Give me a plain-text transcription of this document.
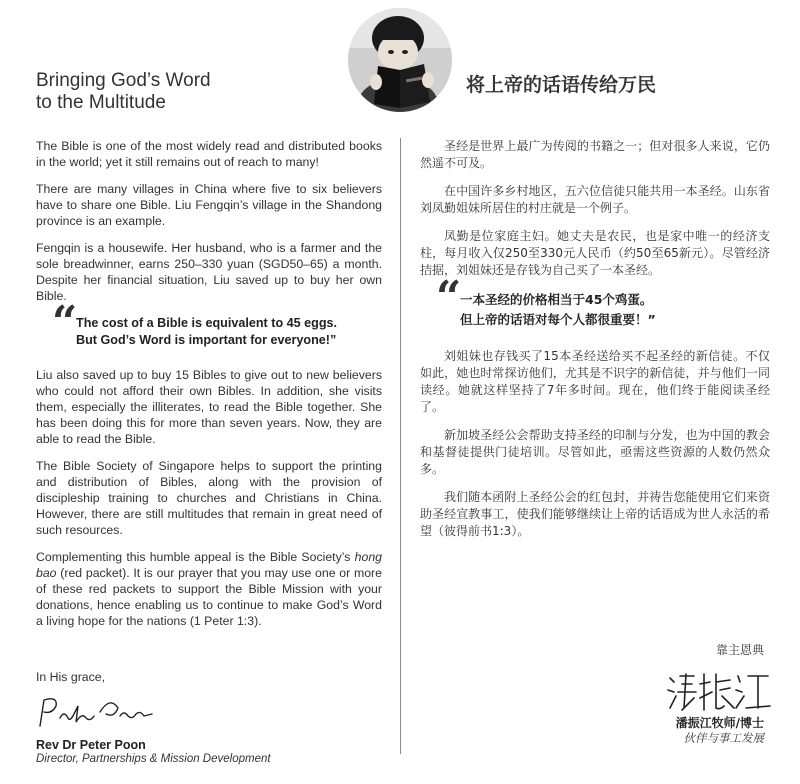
Bringing God’s Word
to the Multitude
将上帝的话语传给万民

The Bible is one of the most widely read and distributed books in the world; yet it still remains out of reach to many!

There are many villages in China where five to six believers have to share one Bible. Liu Fengqin’s village in the Shandong province is an example.

Fengqin is a housewife. Her husband, who is a farmer and the sole breadwinner, earns 250–330 yuan (SGD50–65) a month. Despite her financial situation, Liu saved up to buy her own Bible.

“
The cost of a Bible is equivalent to 45 eggs.
But God’s Word is important for everyone!”

Liu also saved up to buy 15 Bibles to give out to new believers who could not afford their own Bibles. In addition, she visits them, especially the illiterates, to read the Bible together. She has been doing this for more than seven years. Now, they are able to read the Bible.

The Bible Society of Singapore helps to support the printing and distribution of Bibles, along with the provision of discipleship training to churches and Christians in China. However, there are still multitudes that remain in great need of such resources.

Complementing this humble appeal is the Bible Society’s hong bao (red packet). It is our prayer that you may use one or more of these red packets to support the Bible Mission with your donations, hence enabling us to continue to make God’s Word a living hope for the nations (1 Peter 1:3).

In His grace,
Rev Dr Peter Poon
Director, Partnerships & Mission Development

圣经是世界上最广为传阅的书籍之一；但对很多人来说，它仍然遥不可及。

在中国许多乡村地区，五六位信徒只能共用一本圣经。山东省刘凤勤姐妹所居住的村庄就是一个例子。

凤勤是位家庭主妇。她丈夫是农民，也是家中唯一的经济支柱，每月收入仅250至330元人民币（约50至65新元）。尽管经济拮据，刘姐妹还是存钱为自己买了一本圣经。

“
一本圣经的价格相当于45个鸡蛋。
但上帝的话语对每个人都很重要！”

刘姐妹也存钱买了15本圣经送给买不起圣经的新信徒。不仅如此，她也时常探访他们，尤其是不识字的新信徒，并与他们一同读经。她就这样坚持了7年多时间。现在，他们终于能阅读圣经了。

新加坡圣经公会帮助支持圣经的印制与分发，也为中国的教会和基督徒提供门徒培训。尽管如此，亟需这些资源的人数仍然众多。

我们随本函附上圣经公会的红包封，并祷告您能使用它们来资助圣经宣教事工，使我们能够继续让上帝的话语成为世人永活的希望（彼得前书1:3）。

靠主恩典
潘振江牧师/博士
伙伴与事工发展
